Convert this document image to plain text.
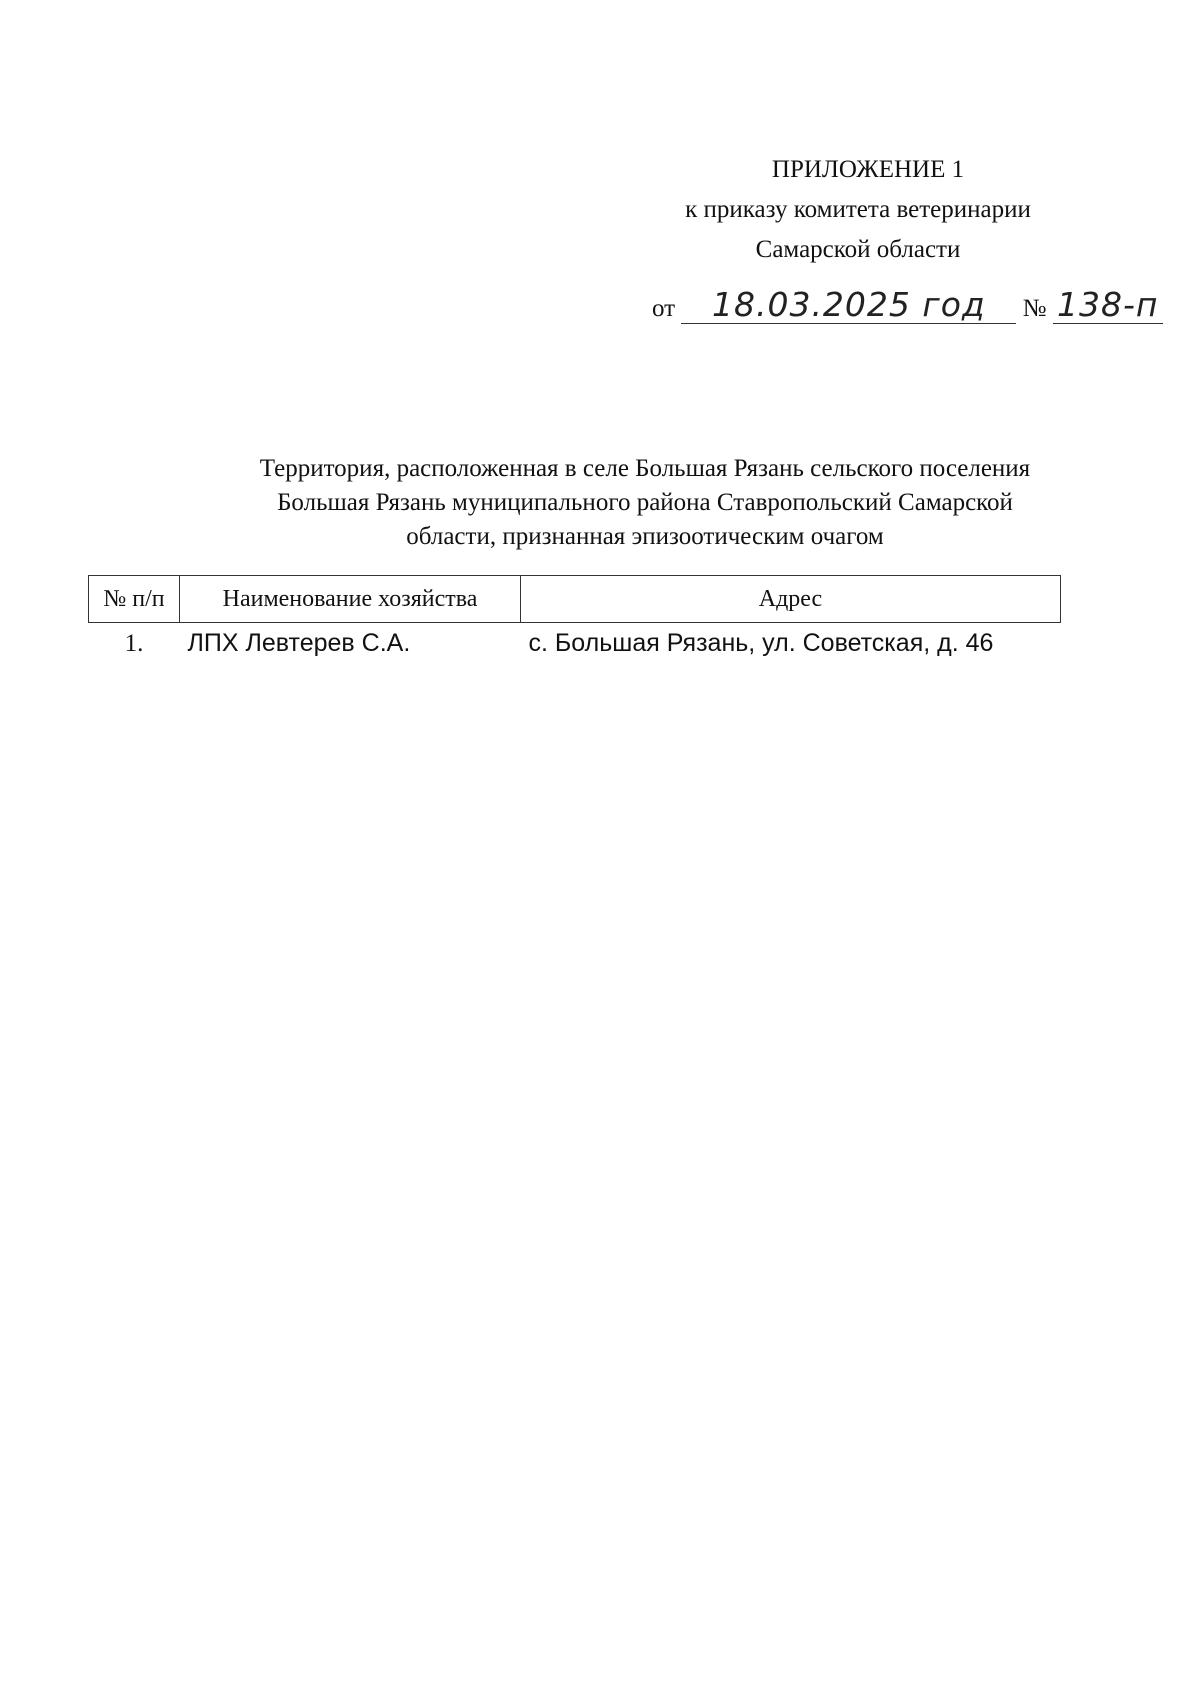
ПРИЛОЖЕНИЕ 1
к приказу комитета ветеринарии
Самарской области
от 18.03.2025 год № 138-п
Территория, расположенная в селе Большая Рязань сельского поселения
Большая Рязань муниципального района Ставропольский Самарской
области, признанная эпизоотическим очагом
№ п/п	Наименование хозяйства	Адрес
1.	ЛПХ Левтерев С.А.	с. Большая Рязань, ул. Советская, д. 46
